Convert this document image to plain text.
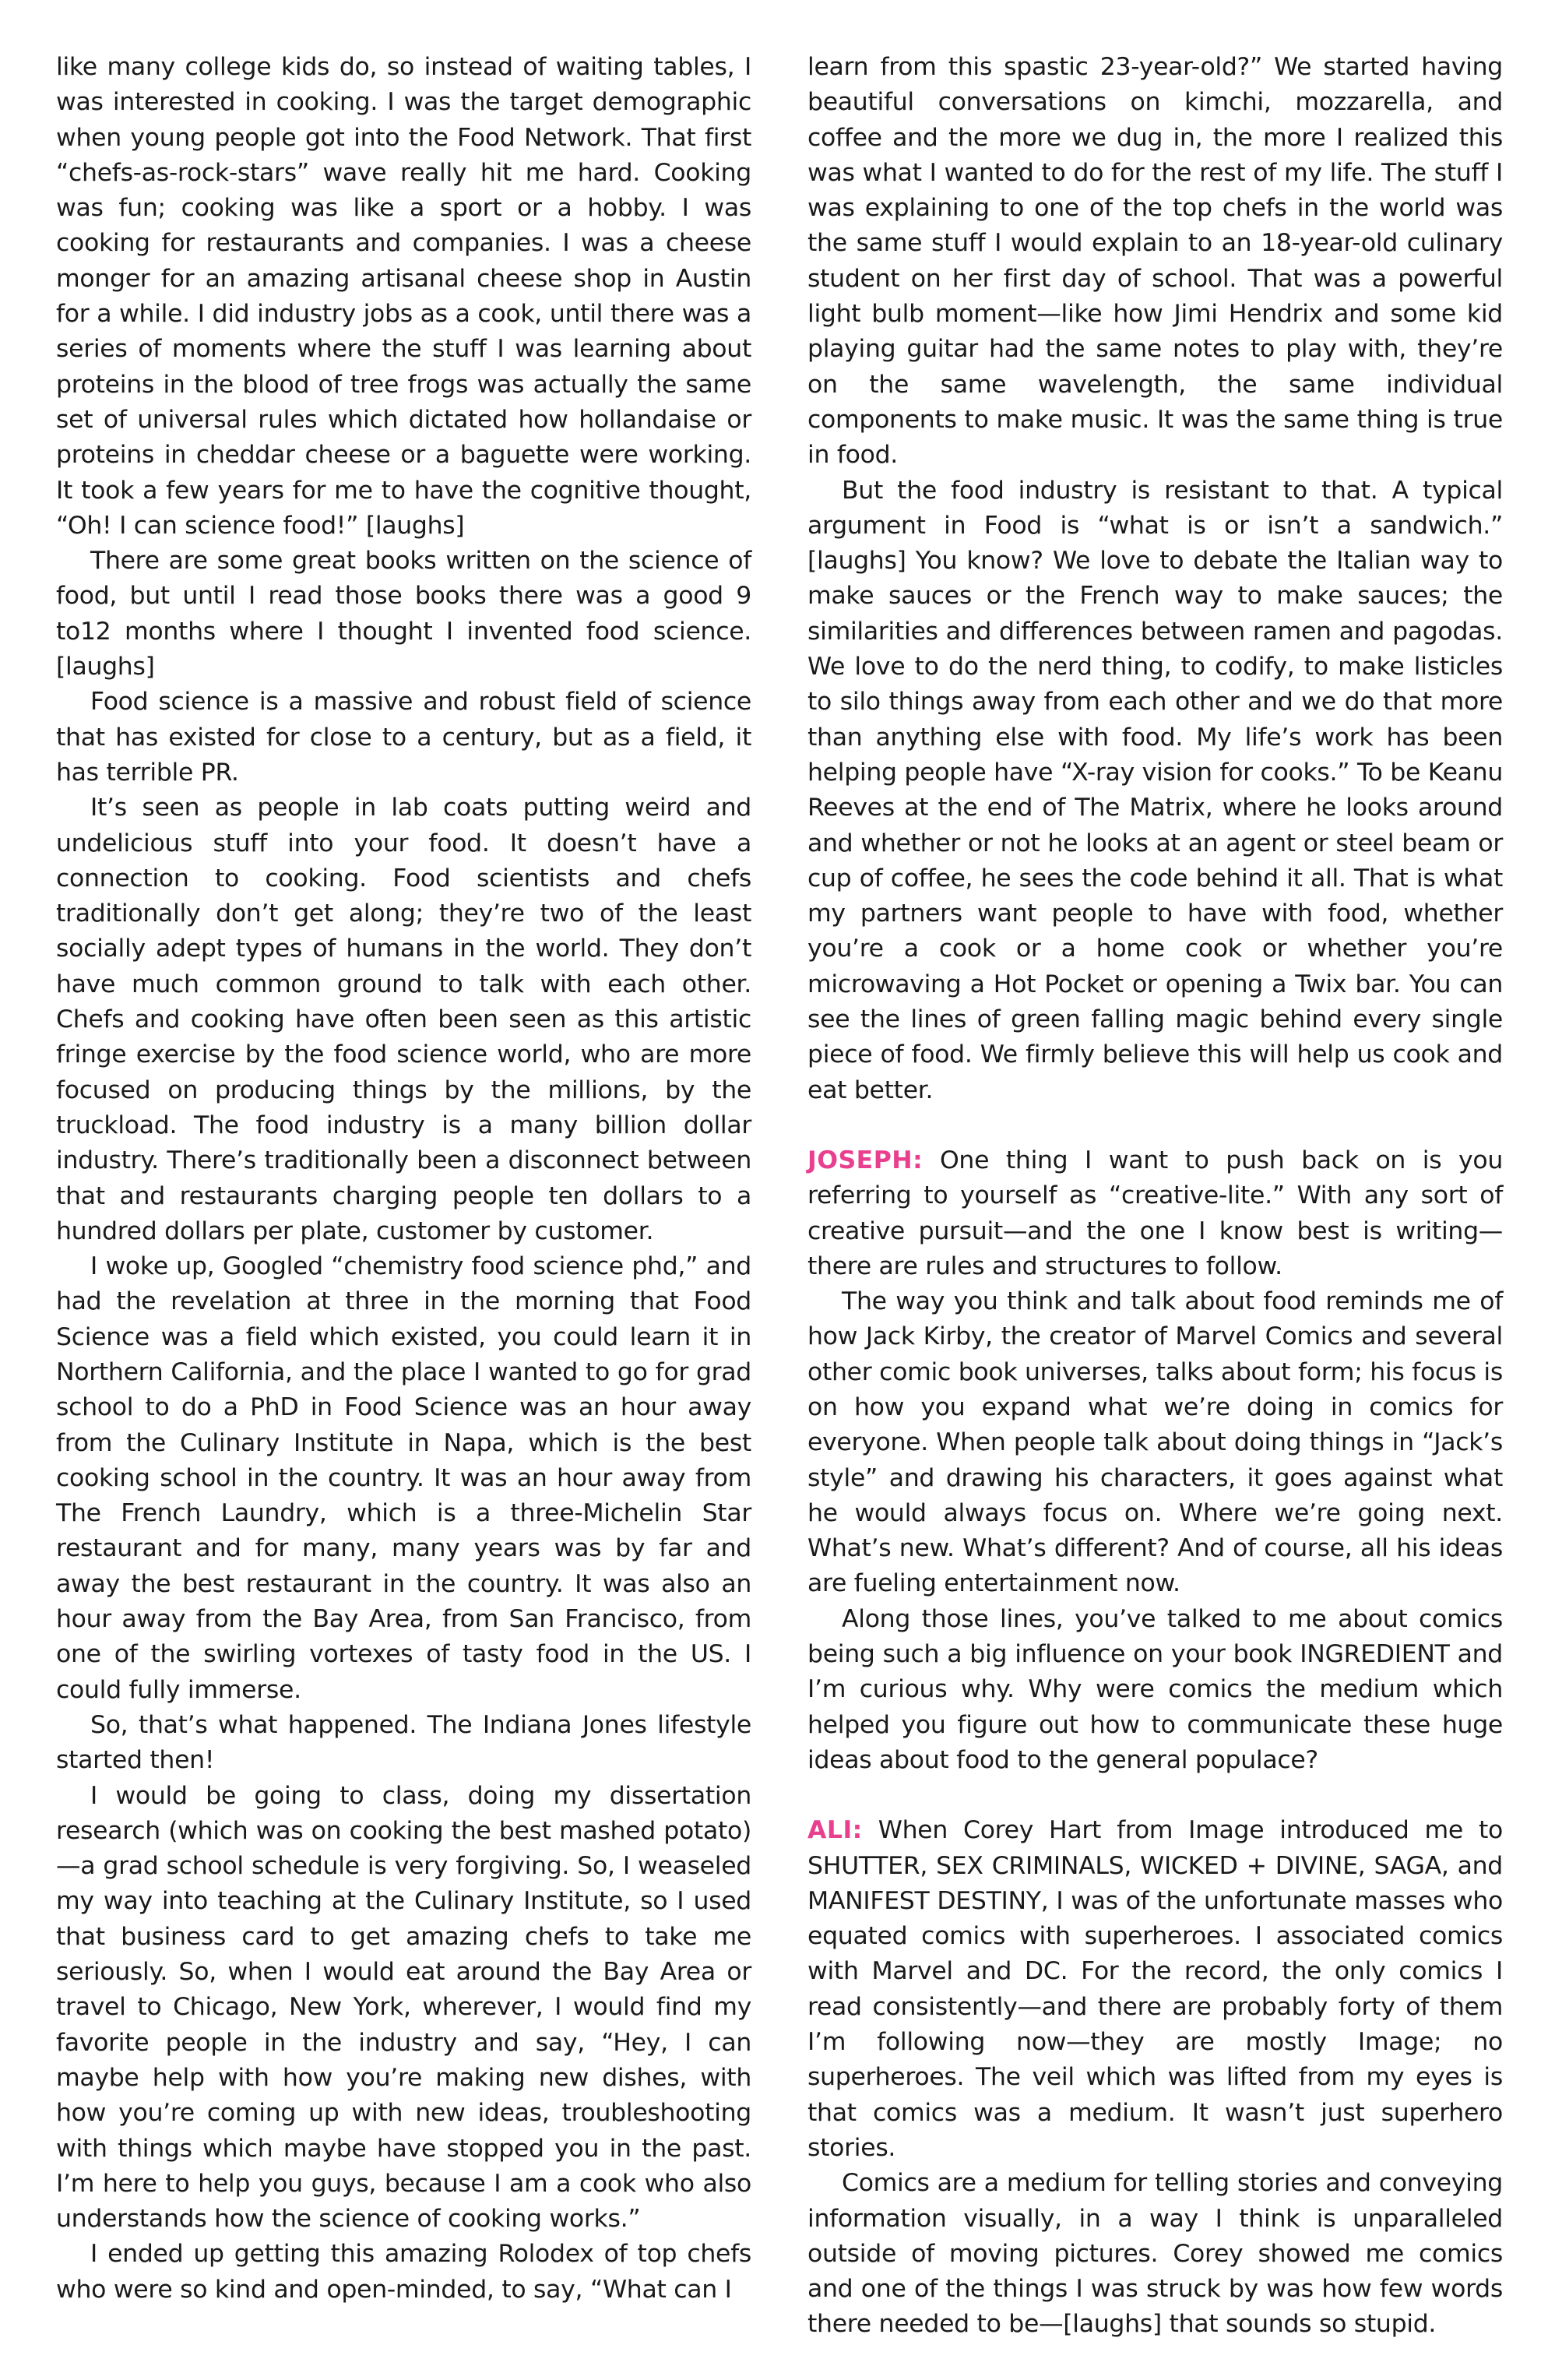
like many college kids do, so instead of waiting tables, I was interested in cooking. I was the target demographic when young people got into the Food Network. That first “chefs-as-rock-stars” wave really hit me hard. Cooking was fun; cooking was like a sport or a hobby. I was cooking for restaurants and companies. I was a cheese monger for an amazing artisanal cheese shop in Austin for a while. I did industry jobs as a cook, until there was a series of moments where the stuff I was learning about proteins in the blood of tree frogs was actually the same set of universal rules which dictated how hollandaise or proteins in cheddar cheese or a baguette were working. It took a few years for me to have the cognitive thought, “Oh! I can science food!” [laughs]

There are some great books written on the science of food, but until I read those books there was a good 9 to12 months where I thought I invented food science. [laughs]

Food science is a massive and robust field of science that has existed for close to a century, but as a field, it has terrible PR.

It’s seen as people in lab coats putting weird and undelicious stuff into your food. It doesn’t have a connection to cooking. Food scientists and chefs traditionally don’t get along; they’re two of the least socially adept types of humans in the world. They don’t have much common ground to talk with each other. Chefs and cooking have often been seen as this artistic fringe exercise by the food science world, who are more focused on producing things by the millions, by the truckload. The food industry is a many billion dollar industry. There’s traditionally been a disconnect between that and restaurants charging people ten dollars to a hundred dollars per plate, customer by customer.

I woke up, Googled “chemistry food science phd,” and had the revelation at three in the morning that Food Science was a field which existed, you could learn it in Northern California, and the place I wanted to go for grad school to do a PhD in Food Science was an hour away from the Culinary Institute in Napa, which is the best cooking school in the country. It was an hour away from The French Laundry, which is a three-Michelin Star restaurant and for many, many years was by far and away the best restaurant in the country. It was also an hour away from the Bay Area, from San Francisco, from one of the swirling vortexes of tasty food in the US. I could fully immerse.

So, that’s what happened. The Indiana Jones lifestyle started then!

I would be going to class, doing my dissertation research (which was on cooking the best mashed potato)—a grad school schedule is very forgiving. So, I weaseled my way into teaching at the Culinary Institute, so I used that business card to get amazing chefs to take me seriously. So, when I would eat around the Bay Area or travel to Chicago, New York, wherever, I would find my favorite people in the industry and say, “Hey, I can maybe help with how you’re making new dishes, with how you’re coming up with new ideas, troubleshooting with things which maybe have stopped you in the past. I’m here to help you guys, because I am a cook who also understands how the science of cooking works.”

I ended up getting this amazing Rolodex of top chefs who were so kind and open-minded, to say, “What can I

learn from this spastic 23-year-old?” We started having beautiful conversations on kimchi, mozzarella, and coffee and the more we dug in, the more I realized this was what I wanted to do for the rest of my life. The stuff I was explaining to one of the top chefs in the world was the same stuff I would explain to an 18-year-old culinary student on her first day of school. That was a powerful light bulb moment—like how Jimi Hendrix and some kid playing guitar had the same notes to play with, they’re on the same wavelength, the same individual components to make music. It was the same thing is true in food.

But the food industry is resistant to that. A typical argument in Food is “what is or isn’t a sandwich.” [laughs] You know? We love to debate the Italian way to make sauces or the French way to make sauces; the similarities and differences between ramen and pagodas. We love to do the nerd thing, to codify, to make listicles to silo things away from each other and we do that more than anything else with food. My life’s work has been helping people have “X-ray vision for cooks.” To be Keanu Reeves at the end of The Matrix, where he looks around and whether or not he looks at an agent or steel beam or cup of coffee, he sees the code behind it all. That is what my partners want people to have with food, whether you’re a cook or a home cook or whether you’re microwaving a Hot Pocket or opening a Twix bar. You can see the lines of green falling magic behind every single piece of food. We firmly believe this will help us cook and eat better.

JOSEPH: One thing I want to push back on is you referring to yourself as “creative-lite.” With any sort of creative pursuit—and the one I know best is writing—there are rules and structures to follow.

The way you think and talk about food reminds me of how Jack Kirby, the creator of Marvel Comics and several other comic book universes, talks about form; his focus is on how you expand what we’re doing in comics for everyone. When people talk about doing things in “Jack’s style” and drawing his characters, it goes against what he would always focus on. Where we’re going next. What’s new. What’s different? And of course, all his ideas are fueling entertainment now.

Along those lines, you’ve talked to me about comics being such a big influence on your book INGREDIENT and I’m curious why. Why were comics the medium which helped you figure out how to communicate these huge ideas about food to the general populace?

ALI: When Corey Hart from Image introduced me to SHUTTER, SEX CRIMINALS, WICKED + DIVINE, SAGA, and MANIFEST DESTINY, I was of the unfortunate masses who equated comics with superheroes. I associated comics with Marvel and DC. For the record, the only comics I read consistently—and there are probably forty of them I’m following now—they are mostly Image; no superheroes. The veil which was lifted from my eyes is that comics was a medium. It wasn’t just superhero stories.

Comics are a medium for telling stories and conveying information visually, in a way I think is unparalleled outside of moving pictures. Corey showed me comics and one of the things I was struck by was how few words there needed to be—[laughs] that sounds so stupid.
